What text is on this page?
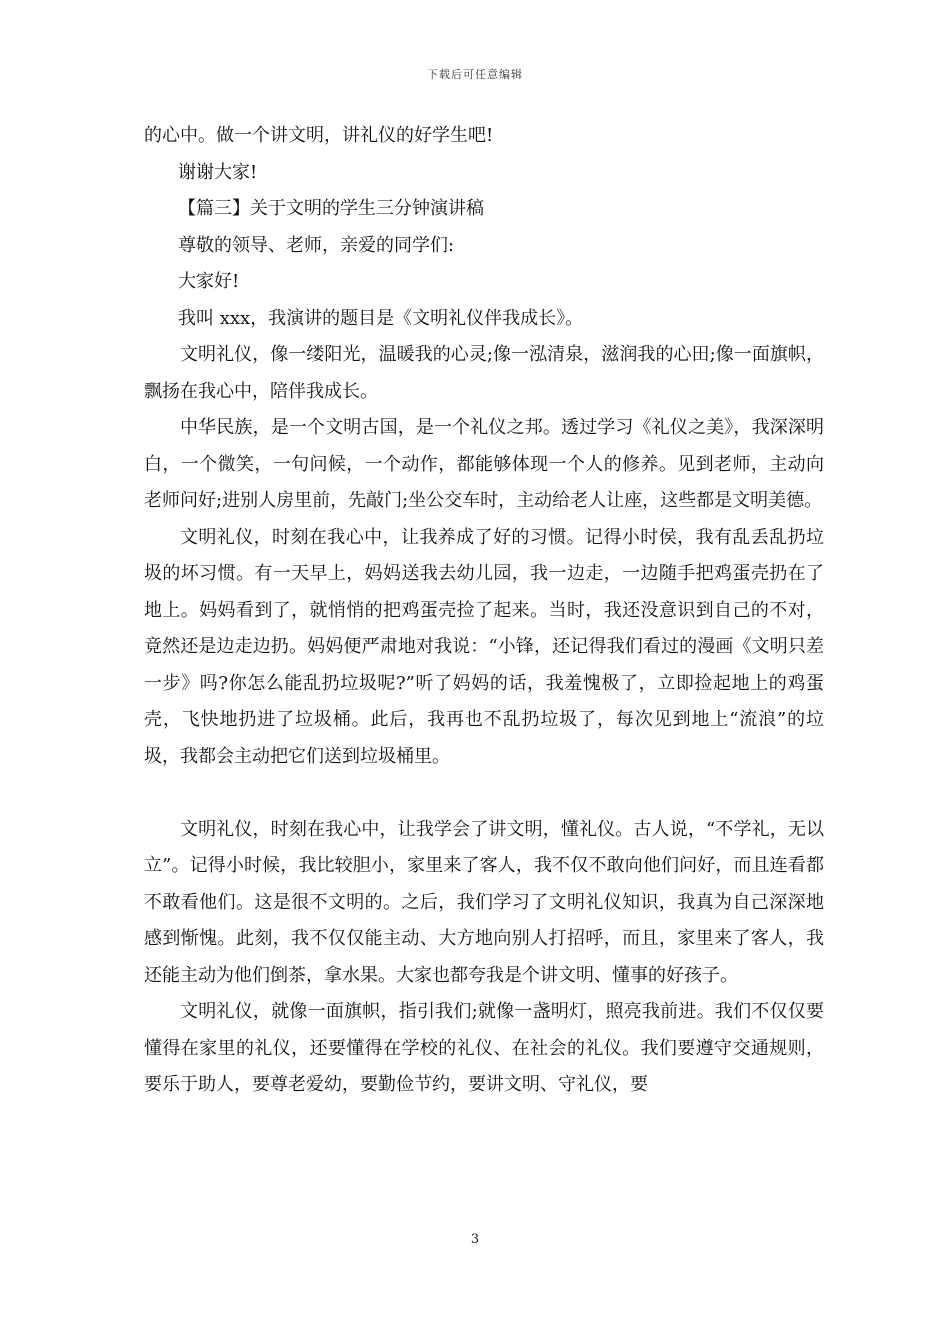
下载后可任意编辑

的心中。做一个讲文明，讲礼仪的好学生吧!

谢谢大家!

【篇三】关于文明的学生三分钟演讲稿

尊敬的领导、老师，亲爱的同学们:

大家好!

我叫 xxx，我演讲的题目是《文明礼仪伴我成长》。

文明礼仪，像一缕阳光，温暖我的心灵;像一泓清泉，滋润我的心田;像一面旗帜，飘扬在我心中，陪伴我成长。

中华民族，是一个文明古国，是一个礼仪之邦。透过学习《礼仪之美》，我深深明白，一个微笑，一句问候，一个动作，都能够体现一个人的修养。见到老师，主动向老师问好;进别人房里前，先敲门;坐公交车时，主动给老人让座，这些都是文明美德。

文明礼仪，时刻在我心中，让我养成了好的习惯。记得小时侯，我有乱丢乱扔垃圾的坏习惯。有一天早上，妈妈送我去幼儿园，我一边走，一边随手把鸡蛋壳扔在了地上。妈妈看到了，就悄悄的把鸡蛋壳捡了起来。当时，我还没意识到自己的不对，竟然还是边走边扔。妈妈便严肃地对我说：“小锋，还记得我们看过的漫画《文明只差一步》吗?你怎么能乱扔垃圾呢?”听了妈妈的话，我羞愧极了，立即捡起地上的鸡蛋壳，飞快地扔进了垃圾桶。此后，我再也不乱扔垃圾了，每次见到地上“流浪”的垃圾，我都会主动把它们送到垃圾桶里。

文明礼仪，时刻在我心中，让我学会了讲文明，懂礼仪。古人说，“不学礼，无以立”。记得小时候，我比较胆小，家里来了客人，我不仅不敢向他们问好，而且连看都不敢看他们。这是很不文明的。之后，我们学习了文明礼仪知识，我真为自己深深地感到惭愧。此刻，我不仅仅能主动、大方地向别人打招呼，而且，家里来了客人，我还能主动为他们倒茶，拿水果。大家也都夸我是个讲文明、懂事的好孩子。

文明礼仪，就像一面旗帜，指引我们;就像一盏明灯，照亮我前进。我们不仅仅要懂得在家里的礼仪，还要懂得在学校的礼仪、在社会的礼仪。我们要遵守交通规则，要乐于助人，要尊老爱幼，要勤俭节约，要讲文明、守礼仪，要

3
